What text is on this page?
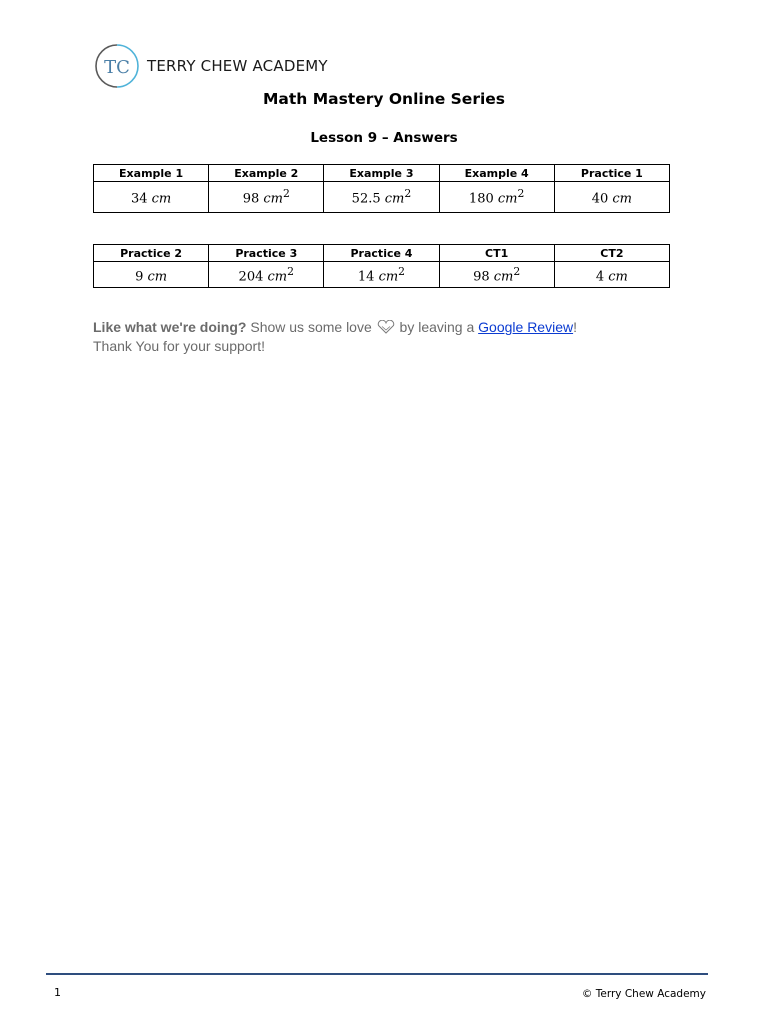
TC TERRY CHEW ACADEMY
Math Mastery Online Series
Lesson 9 – Answers
Example 1	Example 2	Example 3	Example 4	Practice 1
34 cm	98 $cm^2$	52.5 $cm^2$	180 $cm^2$	40 cm
Practice 2	Practice 3	Practice 4	CT1	CT2
9 cm	204 $cm^2$	14 $cm^2$	98 $cm^2$	4 cm
Like what we're doing? Show us some love by leaving a Google Review!
Thank You for your support!
1	© Terry Chew Academy
